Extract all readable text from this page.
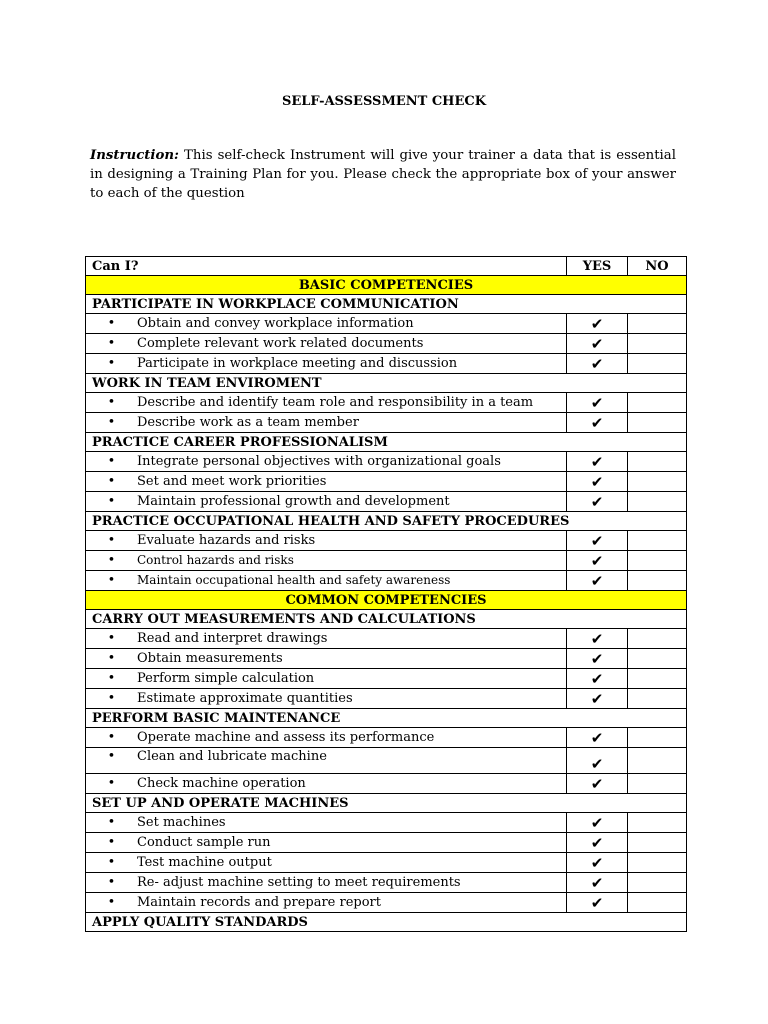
SELF-ASSESSMENT CHECK
Instruction: This self-check Instrument will give your trainer a data that is essential in designing a Training Plan for you. Please check the appropriate box of your answer to each of the question
Can I?	YES	NO
BASIC COMPETENCIES		
PARTICIPATE IN WORKPLACE COMMUNICATION		
• Obtain and convey workplace information	✔	
• Complete relevant work related documents	✔	
• Participate in workplace meeting and discussion	✔	
WORK IN TEAM ENVIROMENT		
• Describe and identify team role and responsibility in a team	✔	
• Describe work as a team member	✔	
PRACTICE CAREER PROFESSIONALISM		
• Integrate personal objectives with organizational goals	✔	
• Set and meet work priorities	✔	
• Maintain professional growth and development	✔	
PRACTICE OCCUPATIONAL HEALTH AND SAFETY PROCEDURES		
• Evaluate hazards and risks	✔	
• Control hazards and risks	✔	
• Maintain occupational health and safety awareness	✔	
COMMON COMPETENCIES		
CARRY OUT MEASUREMENTS AND CALCULATIONS		
• Read and interpret drawings	✔	
• Obtain measurements	✔	
• Perform simple calculation	✔	
• Estimate approximate quantities	✔	
PERFORM BASIC MAINTENANCE		
• Operate machine and assess its performance	✔	
• Clean and lubricate machine	✔	
• Check machine operation	✔	
SET UP AND OPERATE MACHINES		
• Set machines	✔	
• Conduct sample run	✔	
• Test machine output	✔	
• Re- adjust machine setting to meet requirements	✔	
• Maintain records and prepare report	✔	
APPLY QUALITY STANDARDS		
